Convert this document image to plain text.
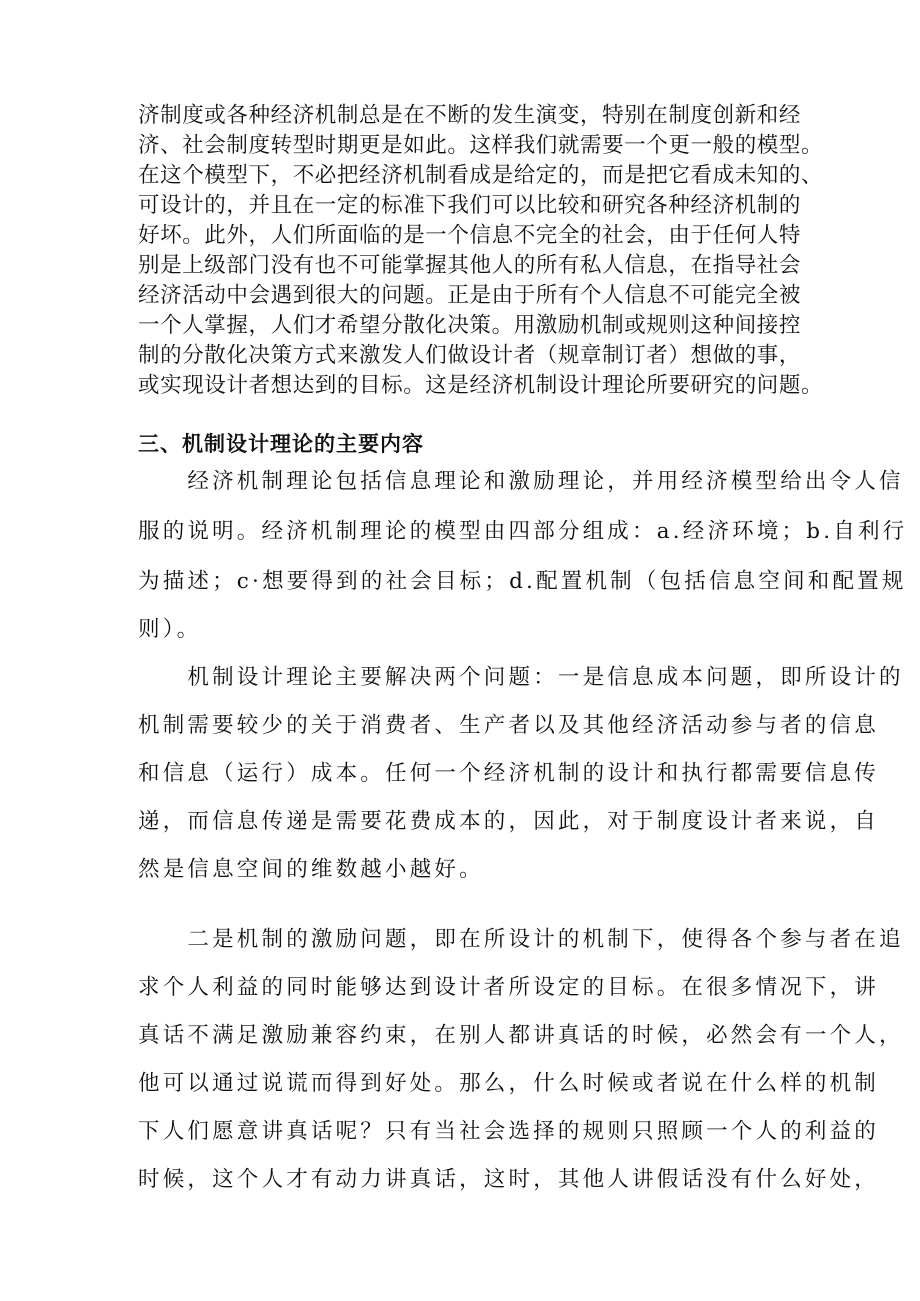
济制度或各种经济机制总是在不断的发生演变，特别在制度创新和经
济、社会制度转型时期更是如此。这样我们就需要一个更一般的模型。
在这个模型下，不必把经济机制看成是给定的，而是把它看成未知的、
可设计的，并且在一定的标准下我们可以比较和研究各种经济机制的
好坏。此外，人们所面临的是一个信息不完全的社会，由于任何人特
别是上级部门没有也不可能掌握其他人的所有私人信息，在指导社会
经济活动中会遇到很大的问题。正是由于所有个人信息不可能完全被
一个人掌握，人们才希望分散化决策。用激励机制或规则这种间接控
制的分散化决策方式来激发人们做设计者（规章制订者）想做的事，
或实现设计者想达到的目标。这是经济机制设计理论所要研究的问题。
三、机制设计理论的主要内容
　　经济机制理论包括信息理论和激励理论，并用经济模型给出令人信
服的说明。经济机制理论的模型由四部分组成：a.经济环境；b.自利行
为描述；c·想要得到的社会目标；d.配置机制（包括信息空间和配置规
则）。
　　机制设计理论主要解决两个问题：一是信息成本问题，即所设计的
机制需要较少的关于消费者、生产者以及其他经济活动参与者的信息
和信息（运行）成本。任何一个经济机制的设计和执行都需要信息传
递，而信息传递是需要花费成本的，因此，对于制度设计者来说，自
然是信息空间的维数越小越好。
　　二是机制的激励问题，即在所设计的机制下，使得各个参与者在追
求个人利益的同时能够达到设计者所设定的目标。在很多情况下，讲
真话不满足激励兼容约束，在别人都讲真话的时候，必然会有一个人，
他可以通过说谎而得到好处。那么，什么时候或者说在什么样的机制
下人们愿意讲真话呢？只有当社会选择的规则只照顾一个人的利益的
时候，这个人才有动力讲真话，这时，其他人讲假话没有什么好处，
